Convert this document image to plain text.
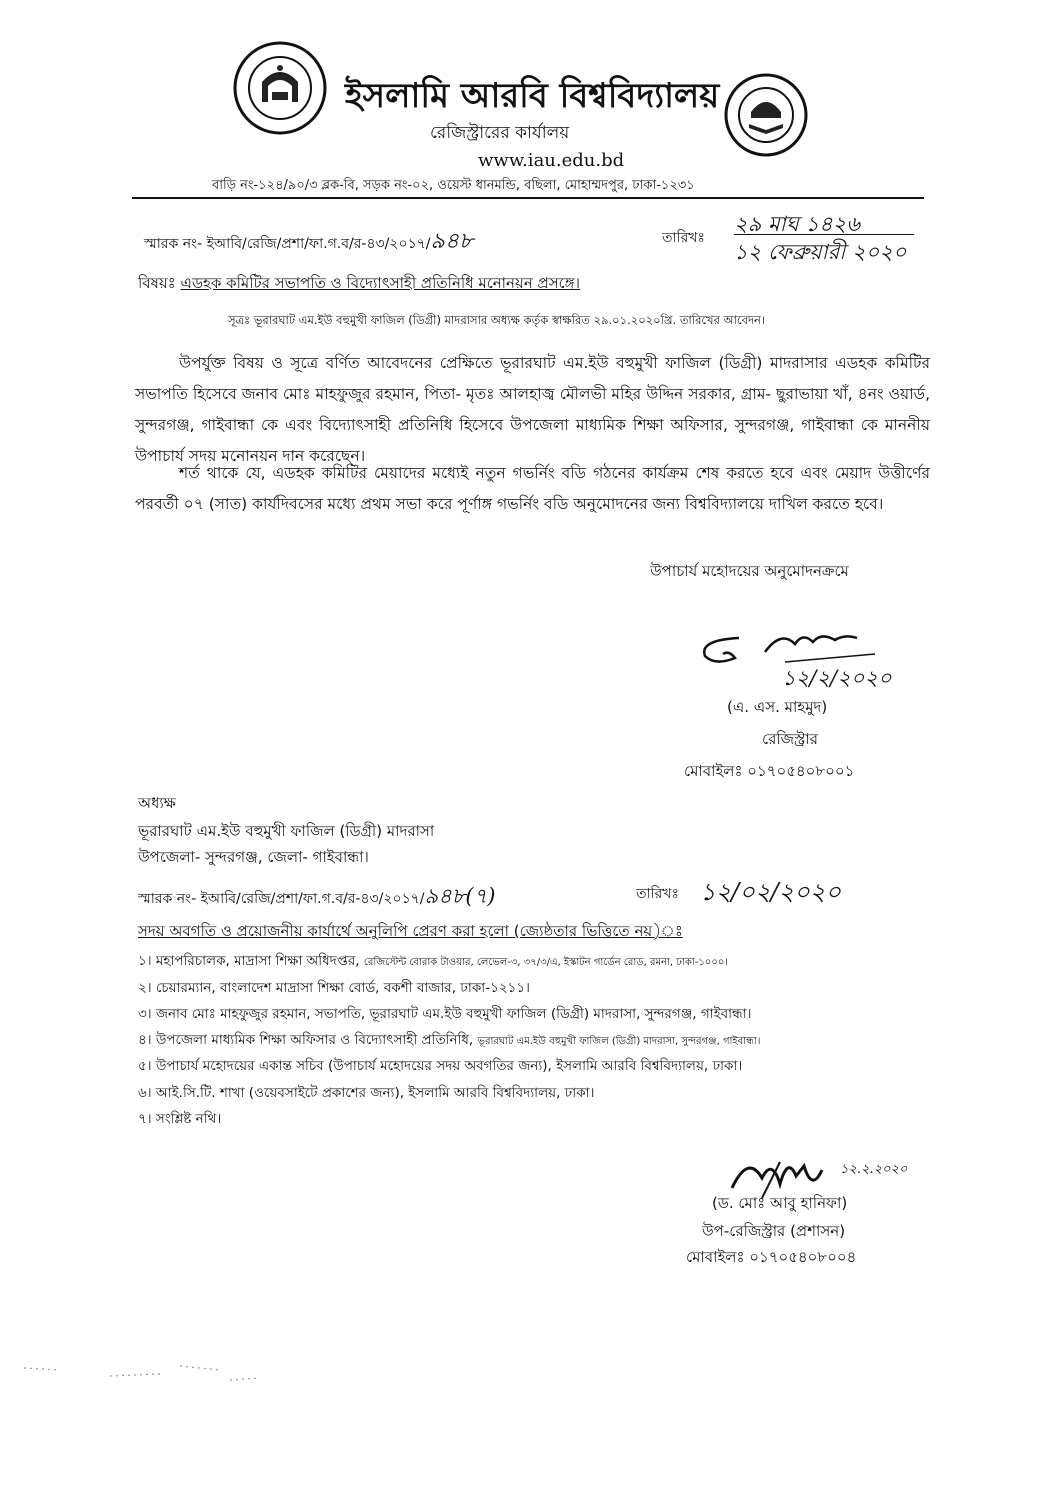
ইসলামি আরবি বিশ্ববিদ্যালয়
রেজিস্ট্রারের কার্যালয়
www.iau.edu.bd
বাড়ি নং-১২৪/৯০/৩ ব্লক-বি, সড়ক নং-০২, ওয়েস্ট ধানমন্ডি, বছিলা, মোহাম্মদপুর, ঢাকা-১২৩১
স্মারক নং- ইআবি/রেজি/প্রশা/ফা.গ.ব/র-৪৩/২০১৭/৯৪৮	তারিখঃ
২৯ মাঘ ১৪২৬
১২ ফেব্রুয়ারী ২০২০
বিষয়ঃ এডহক কমিটির সভাপতি ও বিদ্যোৎসাহী প্রতিনিধি মনোনয়ন প্রসঙ্গে।
সূত্রঃ ভূরারঘাট এম.ইউ বহুমুখী ফাজিল (ডিগ্রী) মাদরাসার অধ্যক্ষ কর্তৃক স্বাক্ষরিত ২৯.০১.২০২০খ্রি. তারিখের আবেদন।
উপর্যুক্ত বিষয় ও সূত্রে বর্ণিত আবেদনের প্রেক্ষিতে ভূরারঘাট এম.ইউ বহুমুখী ফাজিল (ডিগ্রী) মাদরাসার এডহক কমিটির সভাপতি হিসেবে জনাব মোঃ মাহফুজুর রহমান, পিতা- মৃতঃ আলহাজ্ব মৌলভী মহির উদ্দিন সরকার, গ্রাম- ছুরাভায়া খাঁ, ৪নং ওয়ার্ড, সুন্দরগঞ্জ, গাইবান্ধা কে এবং বিদ্যোৎসাহী প্রতিনিধি হিসেবে উপজেলা মাধ্যমিক শিক্ষা অফিসার, সুন্দরগঞ্জ, গাইবান্ধা কে মাননীয় উপাচার্য সদয় মনোনয়ন দান করেছেন।
শর্ত থাকে যে, এডহক কমিটির মেয়াদের মধ্যেই নতুন গভর্নিং বডি গঠনের কার্যক্রম শেষ করতে হবে এবং মেয়াদ উত্তীর্ণের পরবর্তী ০৭ (সাত) কার্যদিবসের মধ্যে প্রথম সভা করে পূর্ণাঙ্গ গভর্নিং বডি অনুমোদনের জন্য বিশ্ববিদ্যালয়ে দাখিল করতে হবে।
উপাচার্য মহোদয়ের অনুমোদনক্রমে
১২/২/২০২০
(এ. এস. মাহমুদ)
রেজিস্ট্রার
মোবাইলঃ ০১৭০৫৪০৮০০১
অধ্যক্ষ
ভূরারঘাট এম.ইউ বহুমুখী ফাজিল (ডিগ্রী) মাদরাসা
উপজেলা- সুন্দরগঞ্জ, জেলা- গাইবান্ধা।
স্মারক নং- ইআবি/রেজি/প্রশা/ফা.গ.ব/র-৪৩/২০১৭/৯৪৮(৭)	তারিখঃ ১২/০২/২০২০
সদয় অবগতি ও প্রয়োজনীয় কার্যার্থে অনুলিপি প্রেরণ করা হলো (জ্যেষ্ঠতার ভিত্তিতে নয়)ঃ
১। মহাপরিচালক, মাদ্রাসা শিক্ষা অধিদপ্তর, রেজিস্টেন্ট বোরাক টাওয়ার, লেভেল-৩, ৩৭/৩/এ, ইস্কাটন গার্ডেন রোড, রমনা, ঢাকা-১০০০।
২। চেয়ারম্যান, বাংলাদেশ মাদ্রাসা শিক্ষা বোর্ড, বকশী বাজার, ঢাকা-১২১১।
৩। জনাব মোঃ মাহফুজুর রহমান, সভাপতি, ভূরারঘাট এম.ইউ বহুমুখী ফাজিল (ডিগ্রী) মাদরাসা, সুন্দরগঞ্জ, গাইবান্ধা।
৪। উপজেলা মাধ্যমিক শিক্ষা অফিসার ও বিদ্যোৎসাহী প্রতিনিধি, ভূরারঘাট এম.ইউ বহুমুখী ফাজিল (ডিগ্রী) মাদরাসা, সুন্দরগঞ্জ, গাইবান্ধা।
৫। উপাচার্য মহোদয়ের একান্ত সচিব (উপাচার্য মহোদয়ের সদয় অবগতির জন্য), ইসলামি আরবি বিশ্ববিদ্যালয়, ঢাকা।
৬। আই.সি.টি. শাখা (ওয়েবসাইটে প্রকাশের জন্য), ইসলামি আরবি বিশ্ববিদ্যালয়, ঢাকা।
৭। সংশ্লিষ্ট নথি।
১২.২.২০২০
(ড. মোঃ আবু হানিফা)
উপ-রেজিস্ট্রার (প্রশাসন)
মোবাইলঃ ০১৭০৫৪০৮০০৪
